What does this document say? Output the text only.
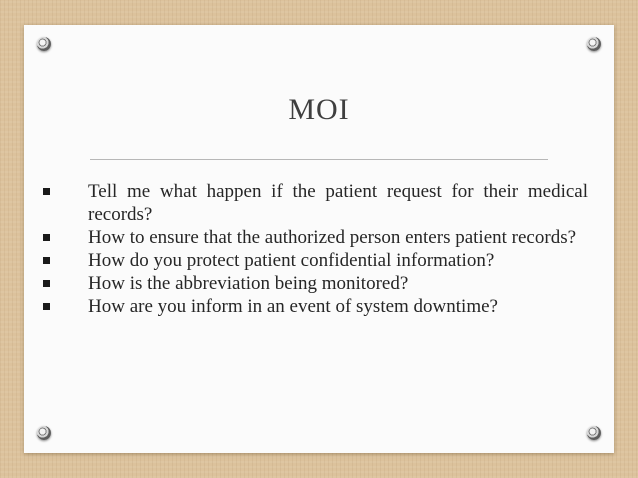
MOI
Tell me what happen if the patient request for their medical records?
How to ensure that the authorized person enters patient records?
How do you protect patient confidential information?
How is the abbreviation being monitored?
How are you inform in an event of system downtime?
